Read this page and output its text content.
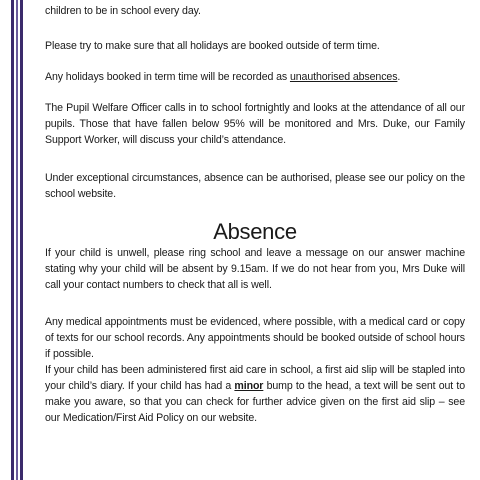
children to be in school every day.

Please try to make sure that all holidays are booked outside of term time.

Any holidays booked in term time will be recorded as unauthorised absences.

The Pupil Welfare Officer calls in to school fortnightly and looks at the attendance of all our pupils. Those that have fallen below 95% will be monitored and Mrs. Duke, our Family Support Worker, will discuss your child’s attendance.

Under exceptional circumstances, absence can be authorised, please see our policy on the school website.

Absence

If your child is unwell, please ring school and leave a message on our answer machine stating why your child will be absent by 9.15am. If we do not hear from you, Mrs Duke will call your contact numbers to check that all is well.

Any medical appointments must be evidenced, where possible, with a medical card or copy of texts for our school records. Any appointments should be booked outside of school hours if possible.

If your child has been administered first aid care in school, a first aid slip will be stapled into your child’s diary. If your child has had a minor bump to the head, a text will be sent out to make you aware, so that you can check for further advice given on the first aid slip – see our Medication/First Aid Policy on our website.
